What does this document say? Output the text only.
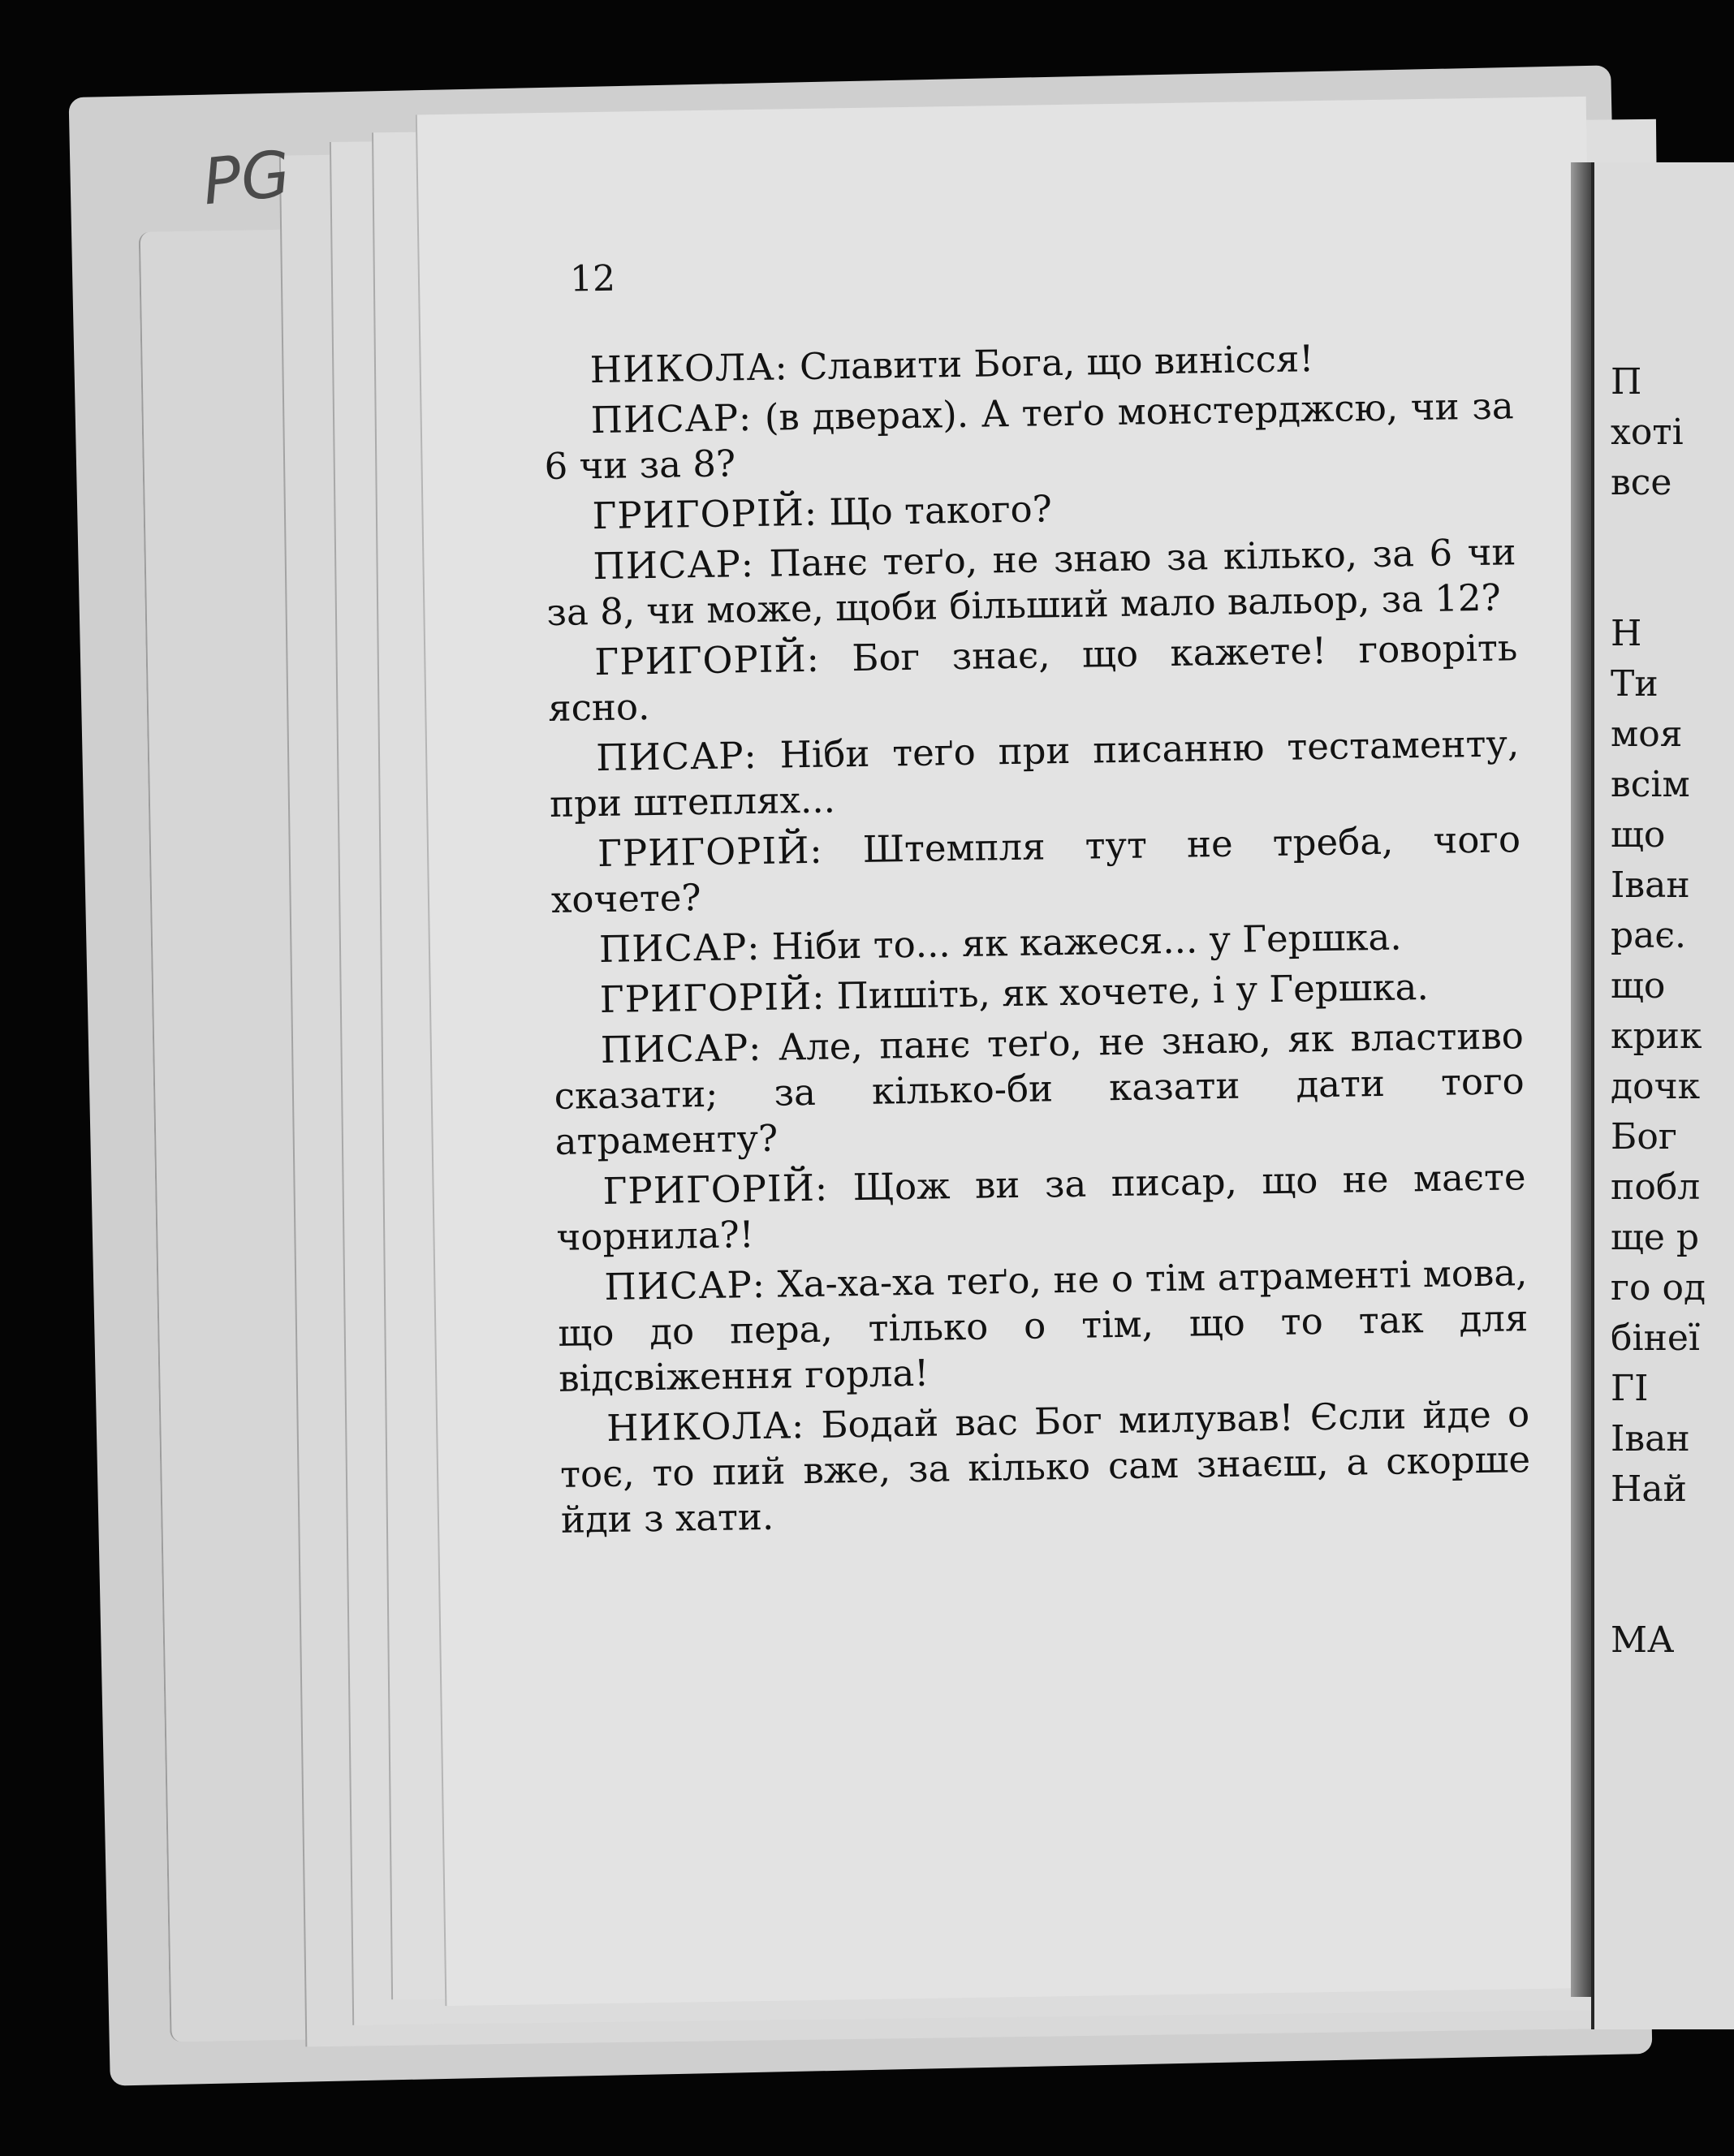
PG
12

НИКОЛА: Славити Бога, що винісся!

ПИСАР: (в дверах). А теґо монстерджсю, чи за 6 чи за 8?

ГРИГОРІЙ: Що такого?

ПИСАР: Панє теґо, не знаю за кілько, за 6 чи за 8, чи може, щоби більший мало вальор, за 12?

ГРИГОРІЙ: Бог знає, що кажете! говоріть ясно.

ПИСАР: Ніби теґо при писанню тестаменту, при штеплях...

ГРИГОРІЙ: Штемпля тут не треба, чого хочете?

ПИСАР: Ніби то... як кажеся... у Гершка.

ГРИГОРІЙ: Пишіть, як хочете, і у Гершка.

ПИСАР: Але, панє теґо, не знаю, як властиво сказати; за кілько-би казати дати того атраменту?

ГРИГОРІЙ: Щож ви за писар, що не маєте чорнила?!

ПИСАР: Ха-ха-ха теґо, не о тім атраменті мова, що до пера, тілько о тім, що то так для відсвіження горла!

НИКОЛА: Бодай вас Бог милував! Єсли йде о тоє, то пий вже, за кілько сам знаєш, а скорше йди з хати.

П
хоті
все
Н
Ти
моя
всім
що
Іван
рає.
що
крик
дочк
Бог
побл
ще р
го од
бінеї
ГІ
Іван
Най
МА
